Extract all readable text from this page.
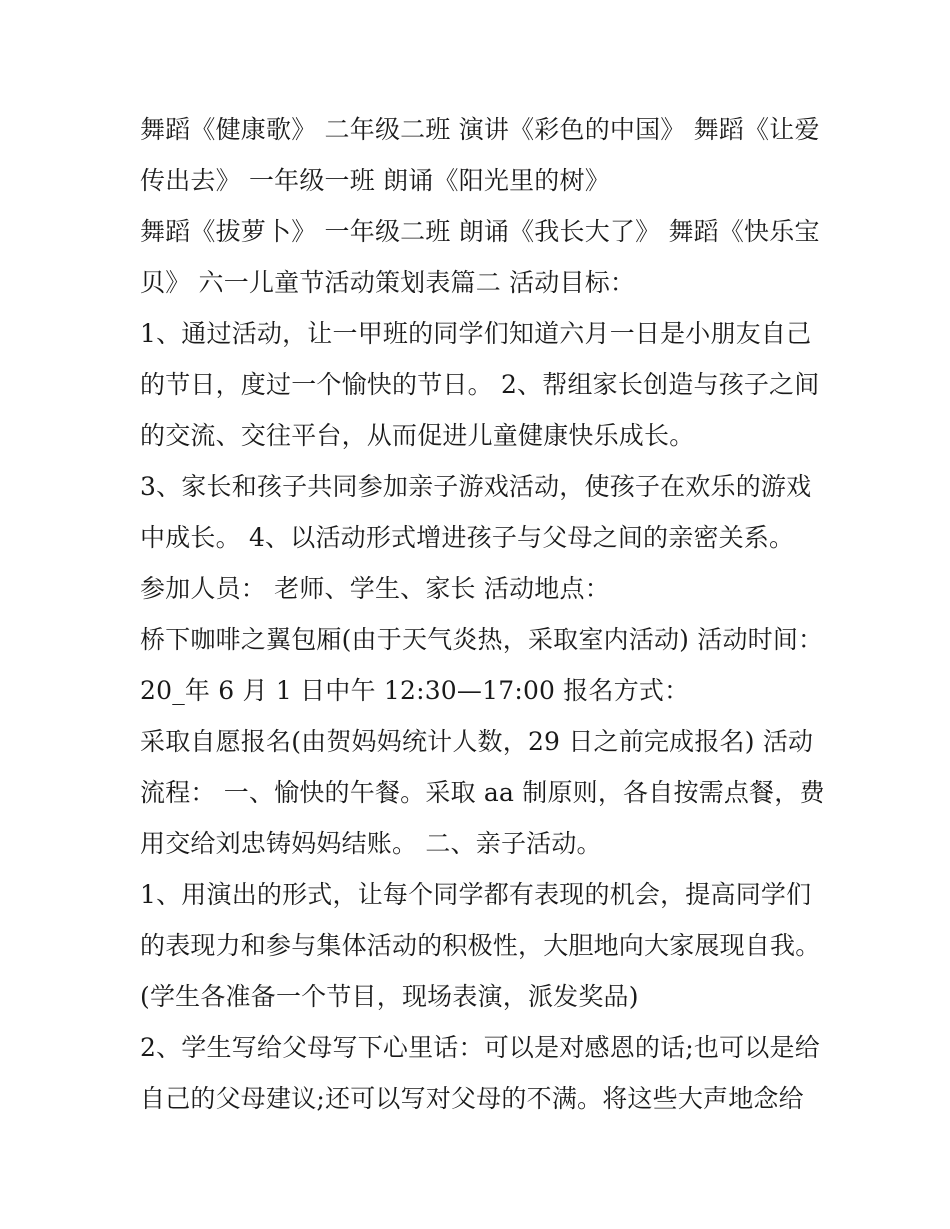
舞蹈《健康歌》 二年级二班 演讲《彩色的中国》 舞蹈《让爱
传出去》 一年级一班 朗诵《阳光里的树》
舞蹈《拔萝卜》 一年级二班 朗诵《我长大了》 舞蹈《快乐宝
贝》 六一儿童节活动策划表篇二 活动目标：
1、通过活动，让一甲班的同学们知道六月一日是小朋友自己
的节日，度过一个愉快的节日。 2、帮组家长创造与孩子之间
的交流、交往平台，从而促进儿童健康快乐成长。
3、家长和孩子共同参加亲子游戏活动，使孩子在欢乐的游戏
中成长。 4、以活动形式增进孩子与父母之间的亲密关系。
参加人员： 老师、学生、家长 活动地点：
桥下咖啡之翼包厢(由于天气炎热，采取室内活动) 活动时间：
20_年 6 月 1 日中午 12:30—17:00 报名方式：
采取自愿报名(由贺妈妈统计人数，29 日之前完成报名) 活动
流程： 一、愉快的午餐。采取 aa 制原则，各自按需点餐，费
用交给刘忠铸妈妈结账。 二、亲子活动。
1、用演出的形式，让每个同学都有表现的机会，提高同学们
的表现力和参与集体活动的积极性，大胆地向大家展现自我。
(学生各准备一个节目，现场表演，派发奖品)
2、学生写给父母写下心里话：可以是对感恩的话;也可以是给
自己的父母建议;还可以写对父母的不满。将这些大声地念给
